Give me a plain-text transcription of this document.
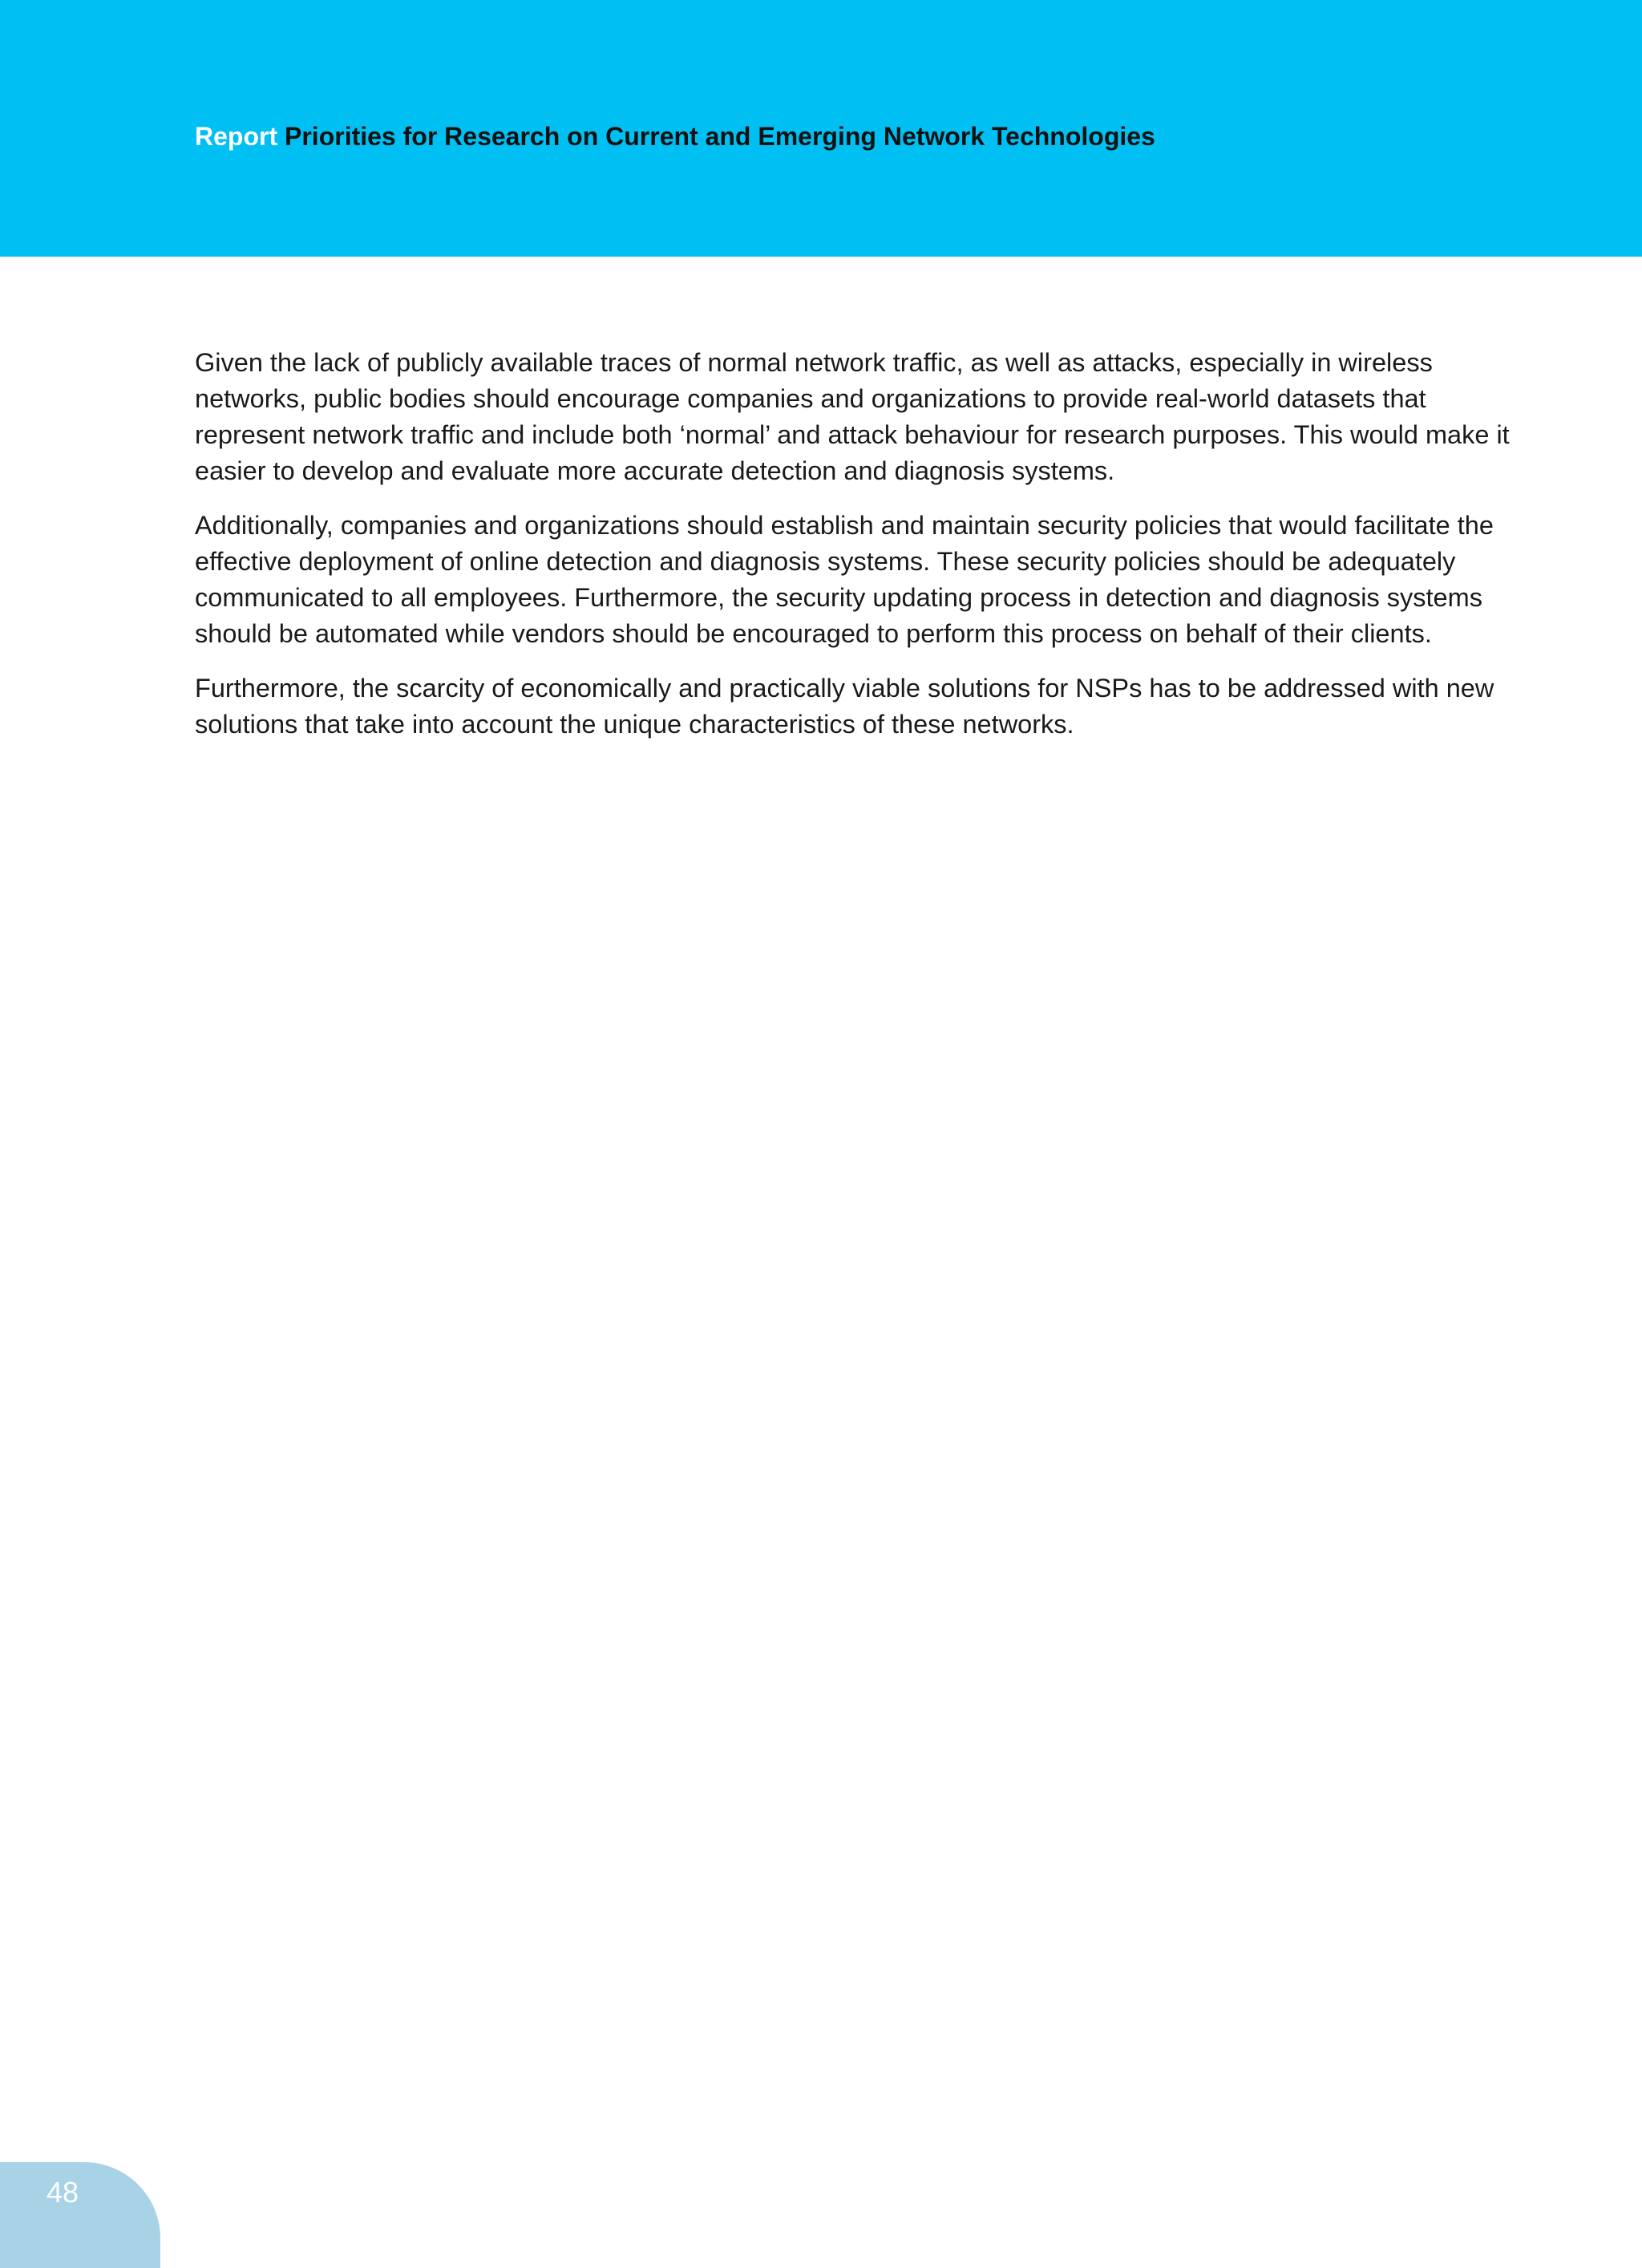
Report Priorities for Research on Current and Emerging Network Technologies

Given the lack of publicly available traces of normal network traffic, as well as attacks, especially in wireless networks, public bodies should encourage companies and organizations to provide real-world datasets that represent network traffic and include both ‘normal’ and attack behaviour for research purposes. This would make it easier to develop and evaluate more accurate detection and diagnosis systems.

Additionally, companies and organizations should establish and maintain security policies that would facilitate the effective deployment of online detection and diagnosis systems. These security policies should be adequately communicated to all employees. Furthermore, the security updating process in detection and diagnosis systems should be automated while vendors should be encouraged to perform this process on behalf of their clients.

Furthermore, the scarcity of economically and practically viable solutions for NSPs has to be addressed with new solutions that take into account the unique characteristics of these networks.

48
